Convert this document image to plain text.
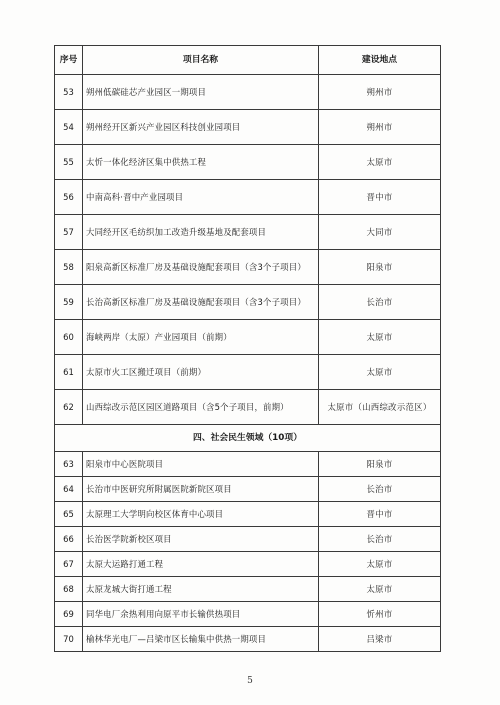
序号	项目名称	建设地点
53	朔州低碳硅芯产业园区一期项目	朔州市
54	朔州经开区新兴产业园区科技创业园项目	朔州市
55	太忻一体化经济区集中供热工程	太原市
56	中南高科·晋中产业园项目	晋中市
57	大同经开区毛纺织加工改造升级基地及配套项目	大同市
58	阳泉高新区标准厂房及基础设施配套项目（含3个子项目）	阳泉市
59	长治高新区标准厂房及基础设施配套项目（含3个子项目）	长治市
60	海峡两岸（太原）产业园项目（前期）	太原市
61	太原市火工区搬迁项目（前期）	太原市
62	山西综改示范区园区道路项目（含5个子项目，前期）	太原市（山西综改示范区）
四、社会民生领域（10项）		
63	阳泉市中心医院项目	阳泉市
64	长治市中医研究所附属医院新院区项目	长治市
65	太原理工大学明向校区体育中心项目	晋中市
66	长治医学院新校区项目	长治市
67	太原大运路打通工程	太原市
68	太原龙城大街打通工程	太原市
69	同华电厂余热利用向原平市长输供热项目	忻州市
70	榆林华光电厂—吕梁市区长输集中供热一期项目	吕梁市
5
